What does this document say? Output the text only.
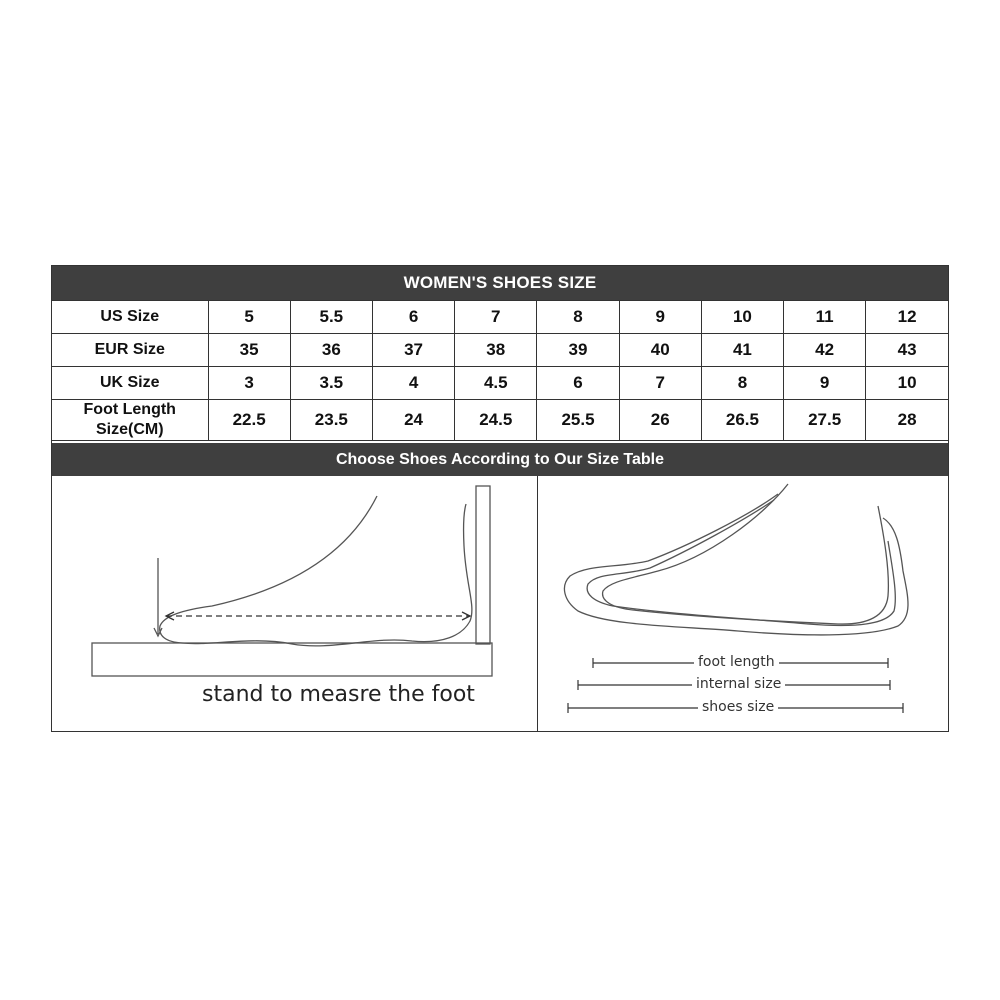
WOMEN'S SHOES SIZE
US Size	5	5.5	6	7	8	9	10	11	12
EUR Size	35	36	37	38	39	40	41	42	43
UK Size	3	3.5	4	4.5	6	7	8	9	10
Foot Length
Size(CM)	22.5	23.5	24	24.5	25.5	26	26.5	27.5	28
Choose Shoes According to Our Size Table
stand to measre the foot
foot length
internal size
shoes size
